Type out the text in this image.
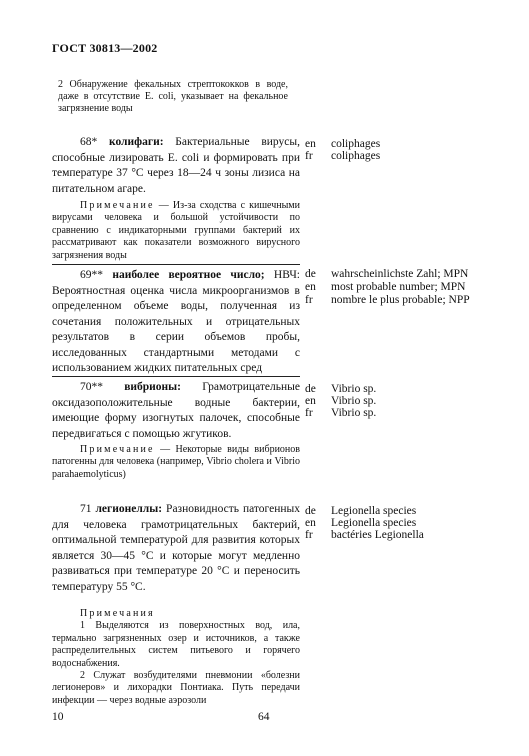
ГОСТ 30813—2002
2 Обнаружение фекальных стрептококков в воде, даже в отсутствие E. coli, указывает на фекальное загрязнение воды
68* колифаги: Бактериальные вирусы, способные лизировать E. coli и формировать при температуре 37 °С через 18—24 ч зоны лизиса на питательном агаре.
en	coliphages
fr	coliphages
Примечание — Из-за сходства с кишечными вирусами человека и большой устойчивости по сравнению с индикаторными группами бактерий их рассматривают как показатели возможного вирусного загрязнения воды
69** наиболее вероятное число; НВЧ: Вероятностная оценка числа микроорганизмов в определенном объеме воды, полученная из сочетания положительных и отрицательных результатов в серии объемов пробы, исследованных стандартными методами с использованием жидких питательных сред
de	wahrscheinlichste Zahl; MPN
en	most probable number; MPN
fr	nombre le plus probable; NPP
70** вибрионы: Грамотрицательные оксидазоположительные водные бактерии, имеющие форму изогнутых палочек, способные передвигаться с помощью жгутиков.
de	Vibrio sp.
en	Vibrio sp.
fr	Vibrio sp.
Примечание — Некоторые виды вибрионов патогенны для человека (например, Vibrio cholera и Vibrio parahaemolyticus)
71 легионеллы: Разновидность патогенных для человека грамотрицательных бактерий, оптимальной температурой для развития которых является 30—45 °С и которые могут медленно развиваться при температуре 20 °С и переносить температуру 55 °С.
de	Legionella species
en	Legionella species
fr	bactéries Legionella
Примечания
1 Выделяются из поверхностных вод, ила, термально загрязненных озер и источников, а также распределительных систем питьевого и горячего водоснабжения.
2 Служат возбудителями пневмонии «болезни легионеров» и лихорадки Понтиака. Путь передачи инфекции — через водные аэрозоли
10	64
